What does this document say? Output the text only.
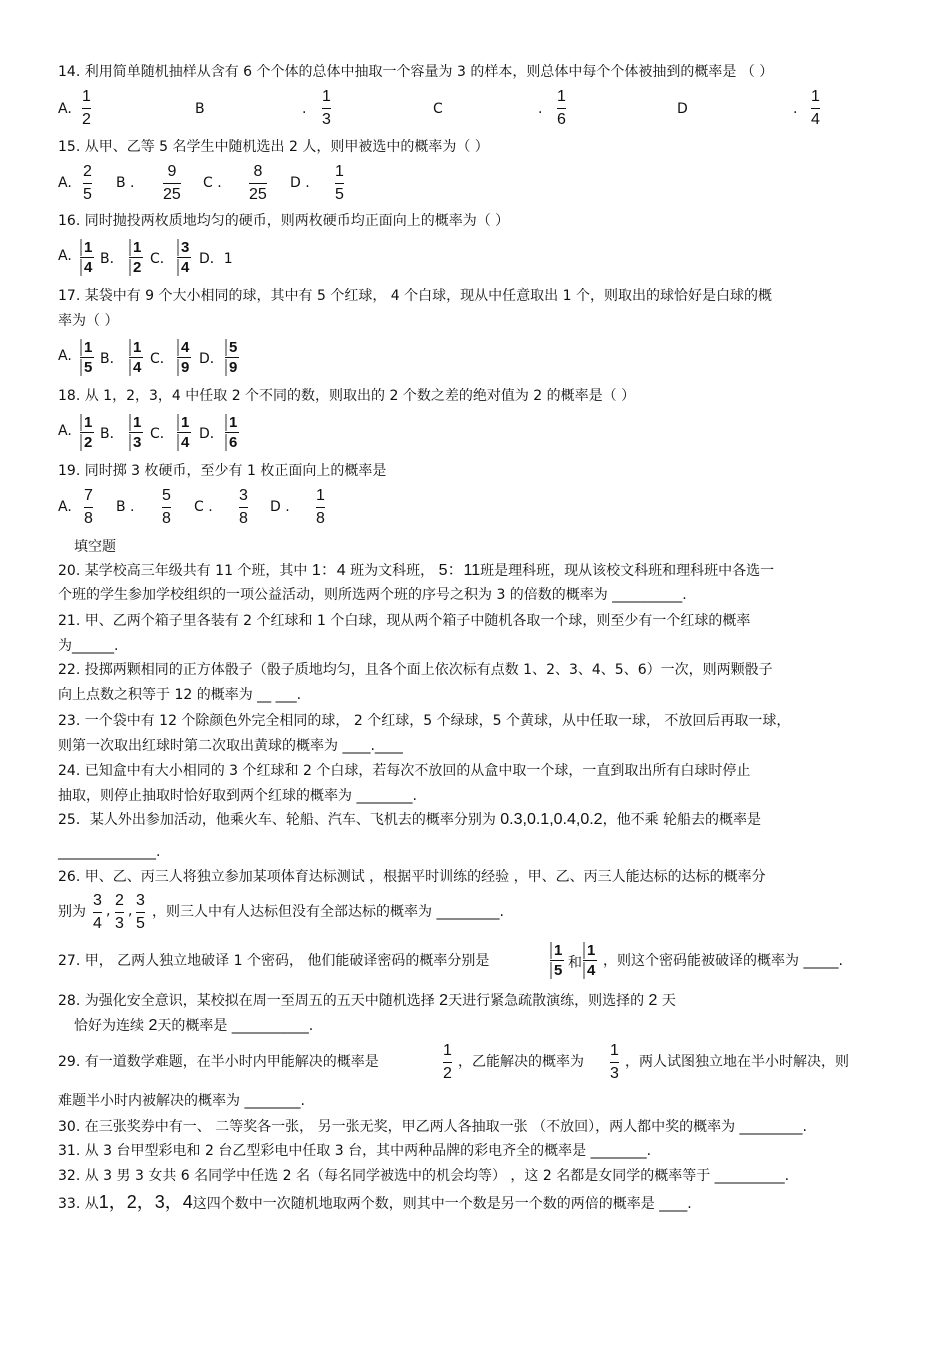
14. 利用简单随机抽样从含有 6 个个体的总体中抽取一个容量为 3 的样本，则总体中每个个体被抽到的概率是 （ ）
A.
1
2
B	.
1
3
C	.
1
6
D	.
1
4
15. 从甲、乙等 5 名学生中随机选出 2 人，则甲被选中的概率为（ ）
A.
2
5
B .
9
25
C .
8
25
D .
1
5
16. 同时抛投两枚质地均匀的硬币，则两枚硬币均正面向上的概率为（ ）
A. 1
4 B．
1
2 C．
3
4 D．1
17. 某袋中有 9 个大小相同的球，其中有 5 个红球， 4 个白球，现从中任意取出 1 个，则取出的球恰好是白球的概
率为（ ）
A. 1
5 B．
1
4 C．
4
9 D．
5
9
18. 从 1，2，3，4 中任取 2 个不同的数，则取出的 2 个数之差的绝对值为 2 的概率是（ ）
A. 1
2 B．
1
3 C．
1
4 D．
1
6
19. 同时掷 3 枚硬币，至少有 1 枚正面向上的概率是
A.
7
8
B .
5
8
C .
3
8
D .
1
8
填空题
20. 某学校高三年级共有 11 个班，其中 1：4 班为文科班， 5：11班是理科班，现从该校文科班和理科班中各选一
个班的学生参加学校组织的一项公益活动，则所选两个班的序号之积为 3 的倍数的概率为 __________.
21. 甲、乙两个箱子里各装有 2 个红球和 1 个白球，现从两个箱子中随机各取一个球，则至少有一个红球的概率
为______.
22. 投掷两颗相同的正方体骰子（骰子质地均匀，且各个面上依次标有点数 1、2、3、4、5、6）一次，则两颗骰子
向上点数之积等于 12 的概率为 __ ___.
23. 一个袋中有 12 个除颜色外完全相同的球， 2 个红球，5 个绿球，5 个黄球，从中任取一球， 不放回后再取一球，
则第一次取出红球时第二次取出黄球的概率为 ____.____
24. 已知盒中有大小相同的 3 个红球和 2 个白球，若每次不放回的从盒中取一个球，一直到取出所有白球时停止
抽取，则停止抽取时恰好取到两个红球的概率为 ________.
25．某人外出参加活动，他乘火车、轮船、汽车、飞机去的概率分别为 0.3,0.1,0.4,0.2，他不乘 轮船去的概率是
______________.
26. 甲、乙、丙三人将独立参加某项体育达标测试 ，根据平时训练的经验 ，甲、乙、丙三人能达标的达标的概率分
别为
3
4
,
2
3
,
3
5
，则三人中有人达标但没有全部达标的概率为 _________.
27. 甲， 乙两人独立地破译 1 个密码， 他们能破译密码的概率分别是
1
5 和
1
4
，则这个密码能被破译的概率为 _____.
28. 为强化安全意识，某校拟在周一至周五的五天中随机选择 2天进行紧急疏散演练，则选择的 2 天
恰好为连续 2天的概率是 ___________.
29. 有一道数学难题，在半小时内甲能解决的概率是
1
2
，乙能解决的概率为
1
3
，两人试图独立地在半小时解决，则
难题半小时内被解决的概率为 ________.
30. 在三张奖券中有一、 二等奖各一张， 另一张无奖，甲乙两人各抽取一张 （不放回），两人都中奖的概率为 _________.
31. 从 3 台甲型彩电和 2 台乙型彩电中任取 3 台，其中两种品牌的彩电齐全的概率是 ________.
32. 从 3 男 3 女共 6 名同学中任选 2 名（每名同学被选中的机会均等） ，这 2 名都是女同学的概率等于 __________.
33. 从1，2，3，4这四个数中一次随机地取两个数，则其中一个数是另一个数的两倍的概率是 ____.
